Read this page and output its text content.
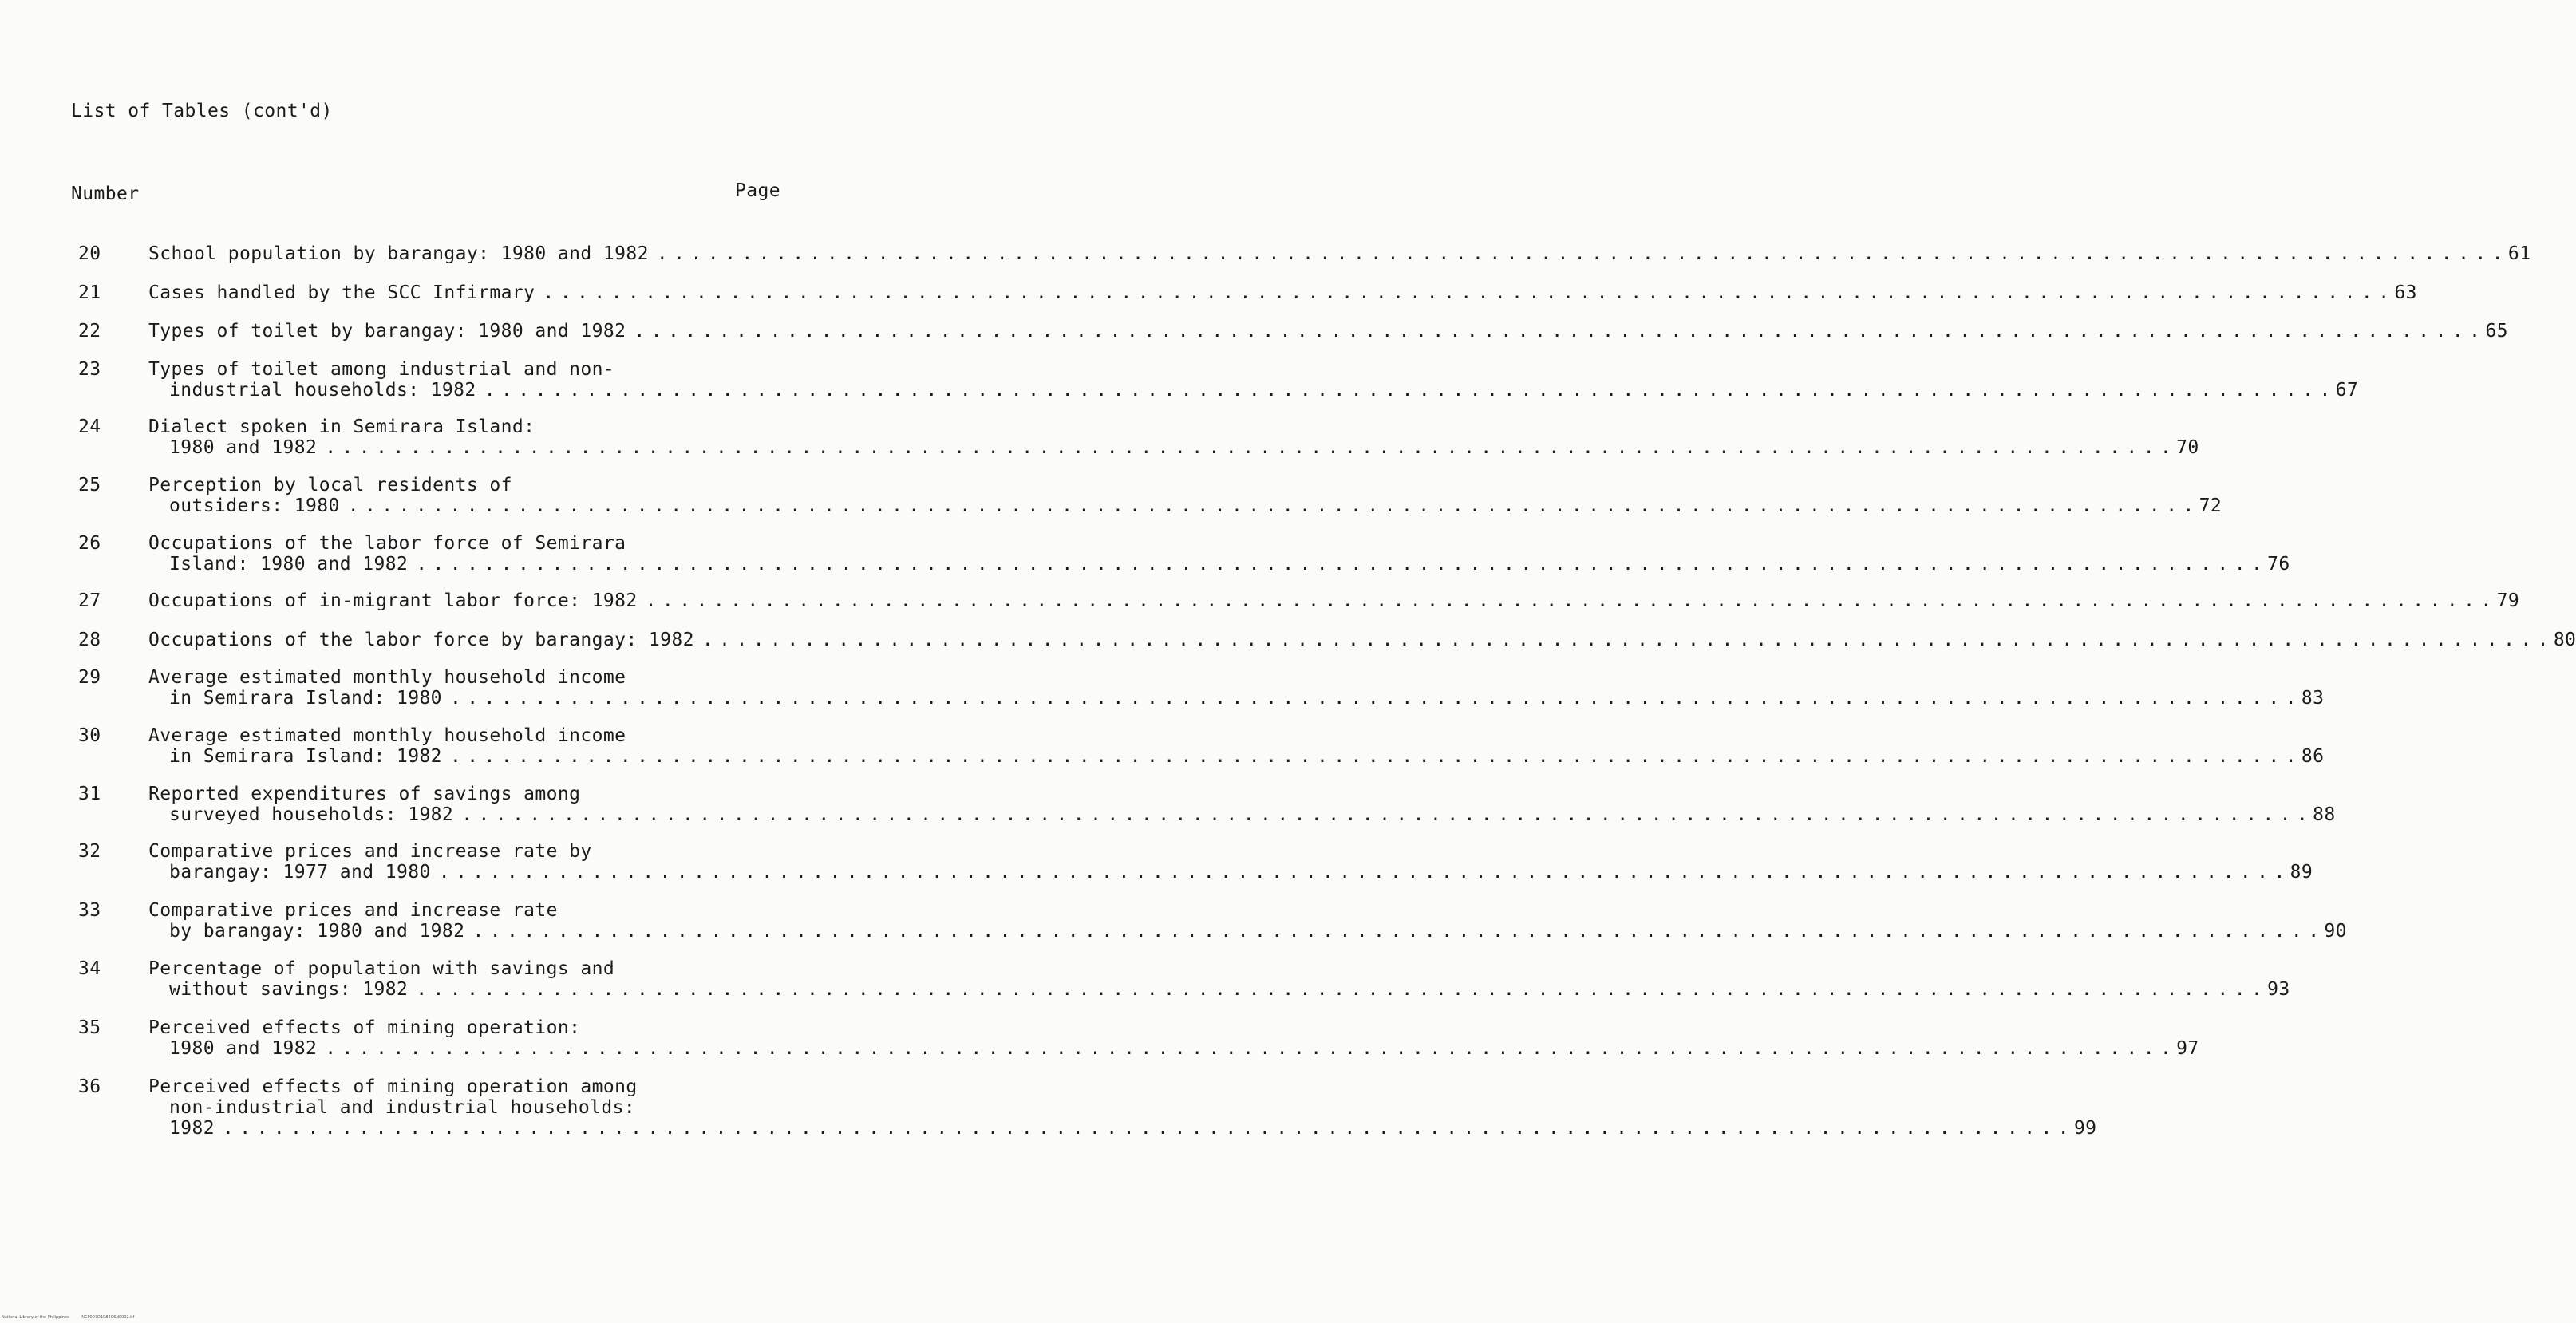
List of Tables (cont'd)
Number	Page
20	School population by barangay: 1980 and 1982 . . .	61
21	Cases handled by the SCC Infirmary . . .	63
22	Types of toilet by barangay: 1980 and 1982 . . .	65
23	Types of toilet among industrial and non-
industrial households: 1982 . . .	67
24	Dialect spoken in Semirara Island:
1980 and 1982 . . .	70
25	Perception by local residents of
outsiders: 1980 . . .	72
26	Occupations of the labor force of Semirara
Island: 1980 and 1982 . . .	76
27	Occupations of in-migrant labor force: 1982 . . .	79
28	Occupations of the labor force by barangay: 1982 . . .	80
29	Average estimated monthly household income
in Semirara Island: 1980 . . .	83
30	Average estimated monthly household income
in Semirara Island: 1982 . . .	86
31	Reported expenditures of savings among
surveyed households: 1982 . . .	88
32	Comparative prices and increase rate by
barangay: 1977 and 1980 . . .	89
33	Comparative prices and increase rate
by barangay: 1980 and 1982 . . .	90
34	Percentage of population with savings and
without savings: 1982 . . .	93
35	Perceived effects of mining operation:
1980 and 1982 . . .	97
36	Perceived effects of mining operation among
non-industrial and industrial households:
1982 . . .	99
National Library of the Philippines	NCP007D1984OSd0002.tif
